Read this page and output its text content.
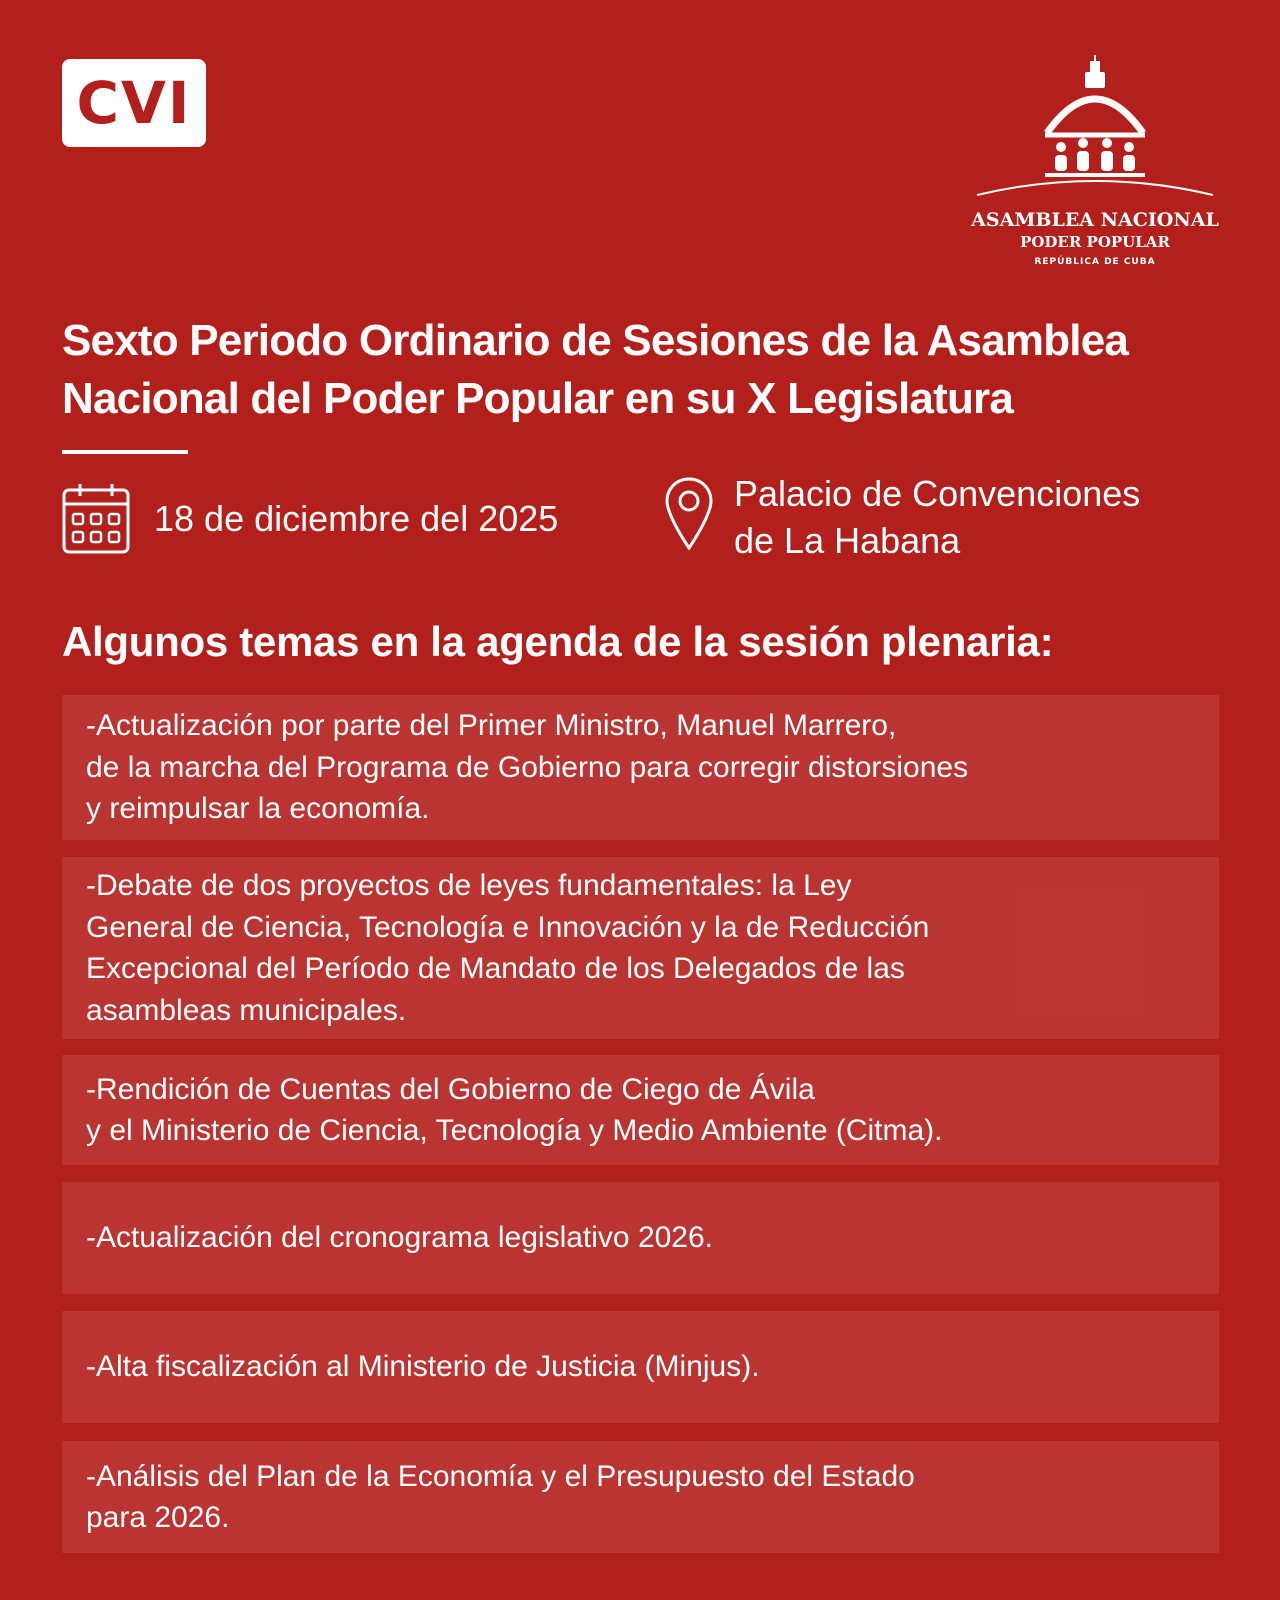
CVI
ASAMBLEA NACIONAL
PODER POPULAR
REPÚBLICA DE CUBA
Sexto Periodo Ordinario de Sesiones de la Asamblea
Nacional del Poder Popular en su X Legislatura
18 de diciembre del 2025
Palacio de Convenciones
de La Habana
Algunos temas en la agenda de la sesión plenaria:

-Actualización por parte del Primer Ministro, Manuel Marrero,
de la marcha del Programa de Gobierno para corregir distorsiones
y reimpulsar la economía.

-Debate de dos proyectos de leyes fundamentales: la Ley
General de Ciencia, Tecnología e Innovación y la de Reducción
Excepcional del Período de Mandato de los Delegados de las
asambleas municipales.

-Rendición de Cuentas del Gobierno de Ciego de Ávila
y el Ministerio de Ciencia, Tecnología y Medio Ambiente (Citma).

-Actualización del cronograma legislativo 2026.

-Alta fiscalización al Ministerio de Justicia (Minjus).

-Análisis del Plan de la Economía y el Presupuesto del Estado
para 2026.
